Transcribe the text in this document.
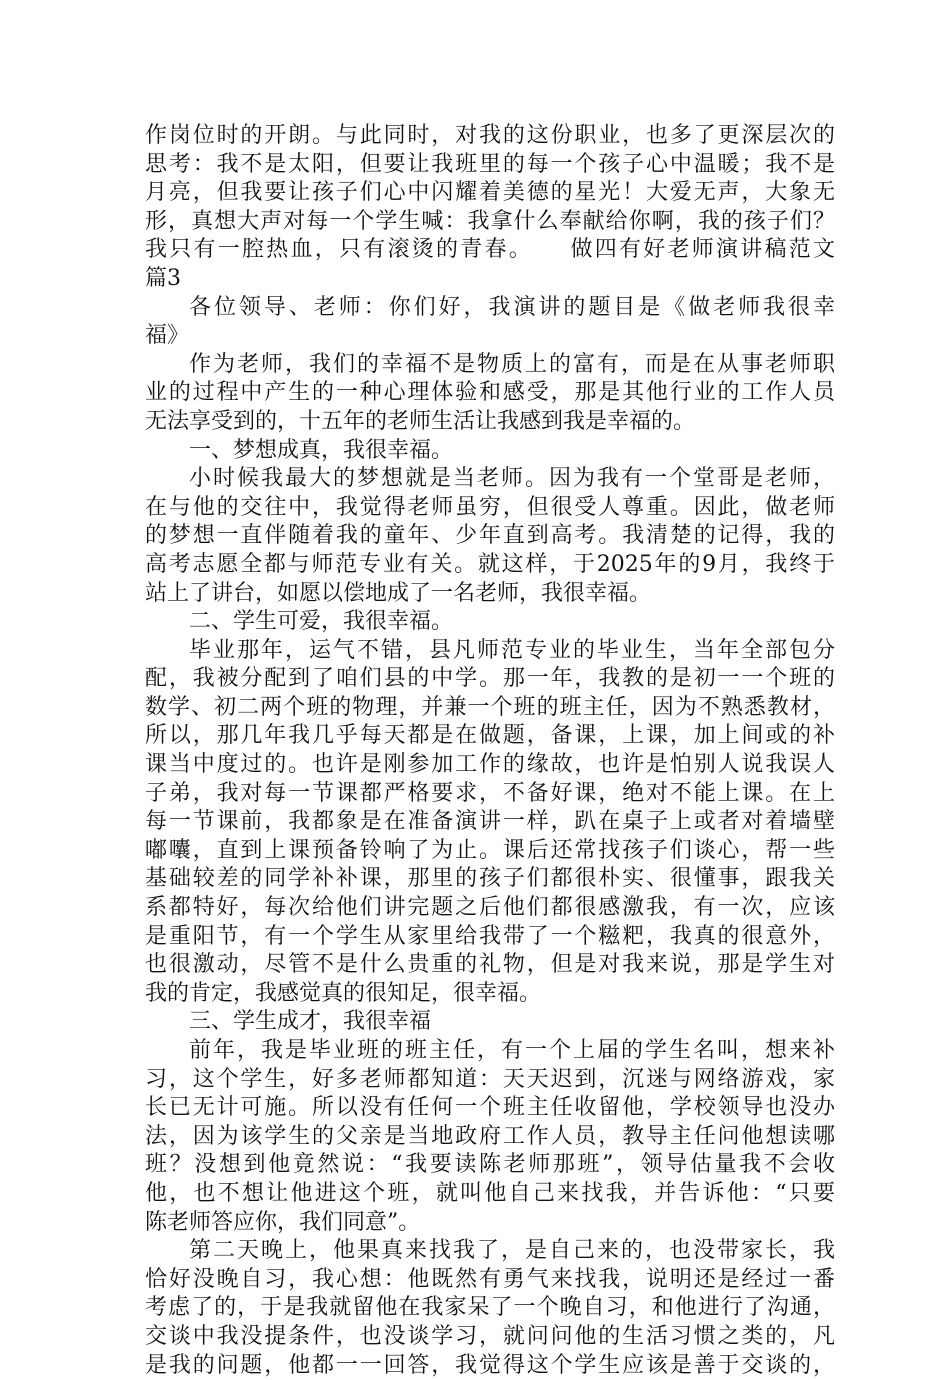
作岗位时的开朗。与此同时，对我的这份职业，也多了更深层次的
思考：我不是太阳，但要让我班里的每一个孩子心中温暖；我不是
月亮，但我要让孩子们心中闪耀着美德的星光！大爱无声，大象无
形，真想大声对每一个学生喊：我拿什么奉献给你啊，我的孩子们？
我只有一腔热血，只有滚烫的青春。　　做四有好老师演讲稿范文
篇3
各位领导、老师：你们好，我演讲的题目是《做老师我很幸
福》
作为老师，我们的幸福不是物质上的富有，而是在从事老师职
业的过程中产生的一种心理体验和感受，那是其他行业的工作人员
无法享受到的，十五年的老师生活让我感到我是幸福的。
一、梦想成真，我很幸福。
小时候我最大的梦想就是当老师。因为我有一个堂哥是老师，
在与他的交往中，我觉得老师虽穷，但很受人尊重。因此，做老师
的梦想一直伴随着我的童年、少年直到高考。我清楚的记得，我的
高考志愿全都与师范专业有关。就这样，于2025年的9月，我终于
站上了讲台，如愿以偿地成了一名老师，我很幸福。
二、学生可爱，我很幸福。
毕业那年，运气不错，县凡师范专业的毕业生，当年全部包分
配，我被分配到了咱们县的中学。那一年，我教的是初一一个班的
数学、初二两个班的物理，并兼一个班的班主任，因为不熟悉教材，
所以，那几年我几乎每天都是在做题，备课，上课，加上间或的补
课当中度过的。也许是刚参加工作的缘故，也许是怕别人说我误人
子弟，我对每一节课都严格要求，不备好课，绝对不能上课。在上
每一节课前，我都象是在准备演讲一样，趴在桌子上或者对着墙壁
嘟囔，直到上课预备铃响了为止。课后还常找孩子们谈心，帮一些
基础较差的同学补补课，那里的孩子们都很朴实、很懂事，跟我关
系都特好，每次给他们讲完题之后他们都很感激我，有一次，应该
是重阳节，有一个学生从家里给我带了一个糍粑，我真的很意外，
也很激动，尽管不是什么贵重的礼物，但是对我来说，那是学生对
我的肯定，我感觉真的很知足，很幸福。
三、学生成才，我很幸福
前年，我是毕业班的班主任，有一个上届的学生名叫，想来补
习，这个学生，好多老师都知道：天天迟到，沉迷与网络游戏，家
长已无计可施。所以没有任何一个班主任收留他，学校领导也没办
法，因为该学生的父亲是当地政府工作人员，教导主任问他想读哪
班？没想到他竟然说：“我要读陈老师那班”，领导估量我不会收
他，也不想让他进这个班，就叫他自己来找我，并告诉他：“只要
陈老师答应你，我们同意”。
第二天晚上，他果真来找我了，是自己来的，也没带家长，我
恰好没晚自习，我心想：他既然有勇气来找我，说明还是经过一番
考虑了的，于是我就留他在我家呆了一个晚自习，和他进行了沟通，
交谈中我没提条件，也没谈学习，就问问他的生活习惯之类的，凡
是我的问题，他都一一回答，我觉得这个学生应该是善于交谈的，
